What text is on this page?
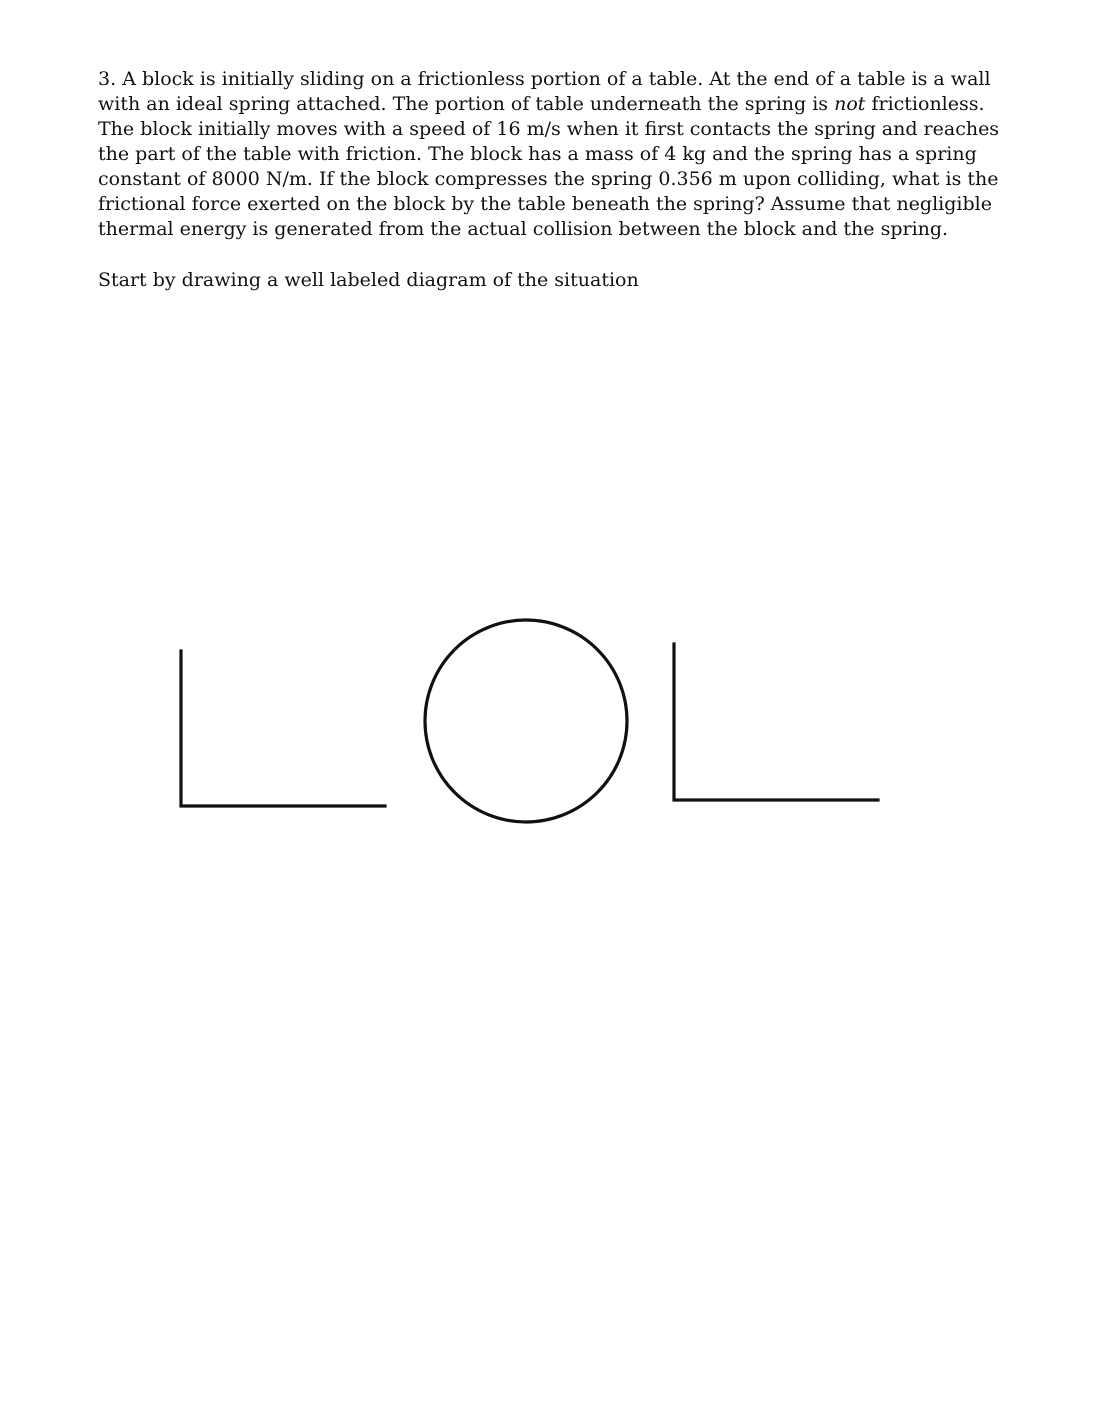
3. A block is initially sliding on a frictionless portion of a table. At the end of a table is a wall with an ideal spring attached. The portion of table underneath the spring is not frictionless. The block initially moves with a speed of 16 m/s when it first contacts the spring and reaches the part of the table with friction. The block has a mass of 4 kg and the spring has a spring constant of 8000 N/m. If the block compresses the spring 0.356 m upon colliding, what is the frictional force exerted on the block by the table beneath the spring? Assume that negligible thermal energy is generated from the actual collision between the block and the spring.

Start by drawing a well labeled diagram of the situation
